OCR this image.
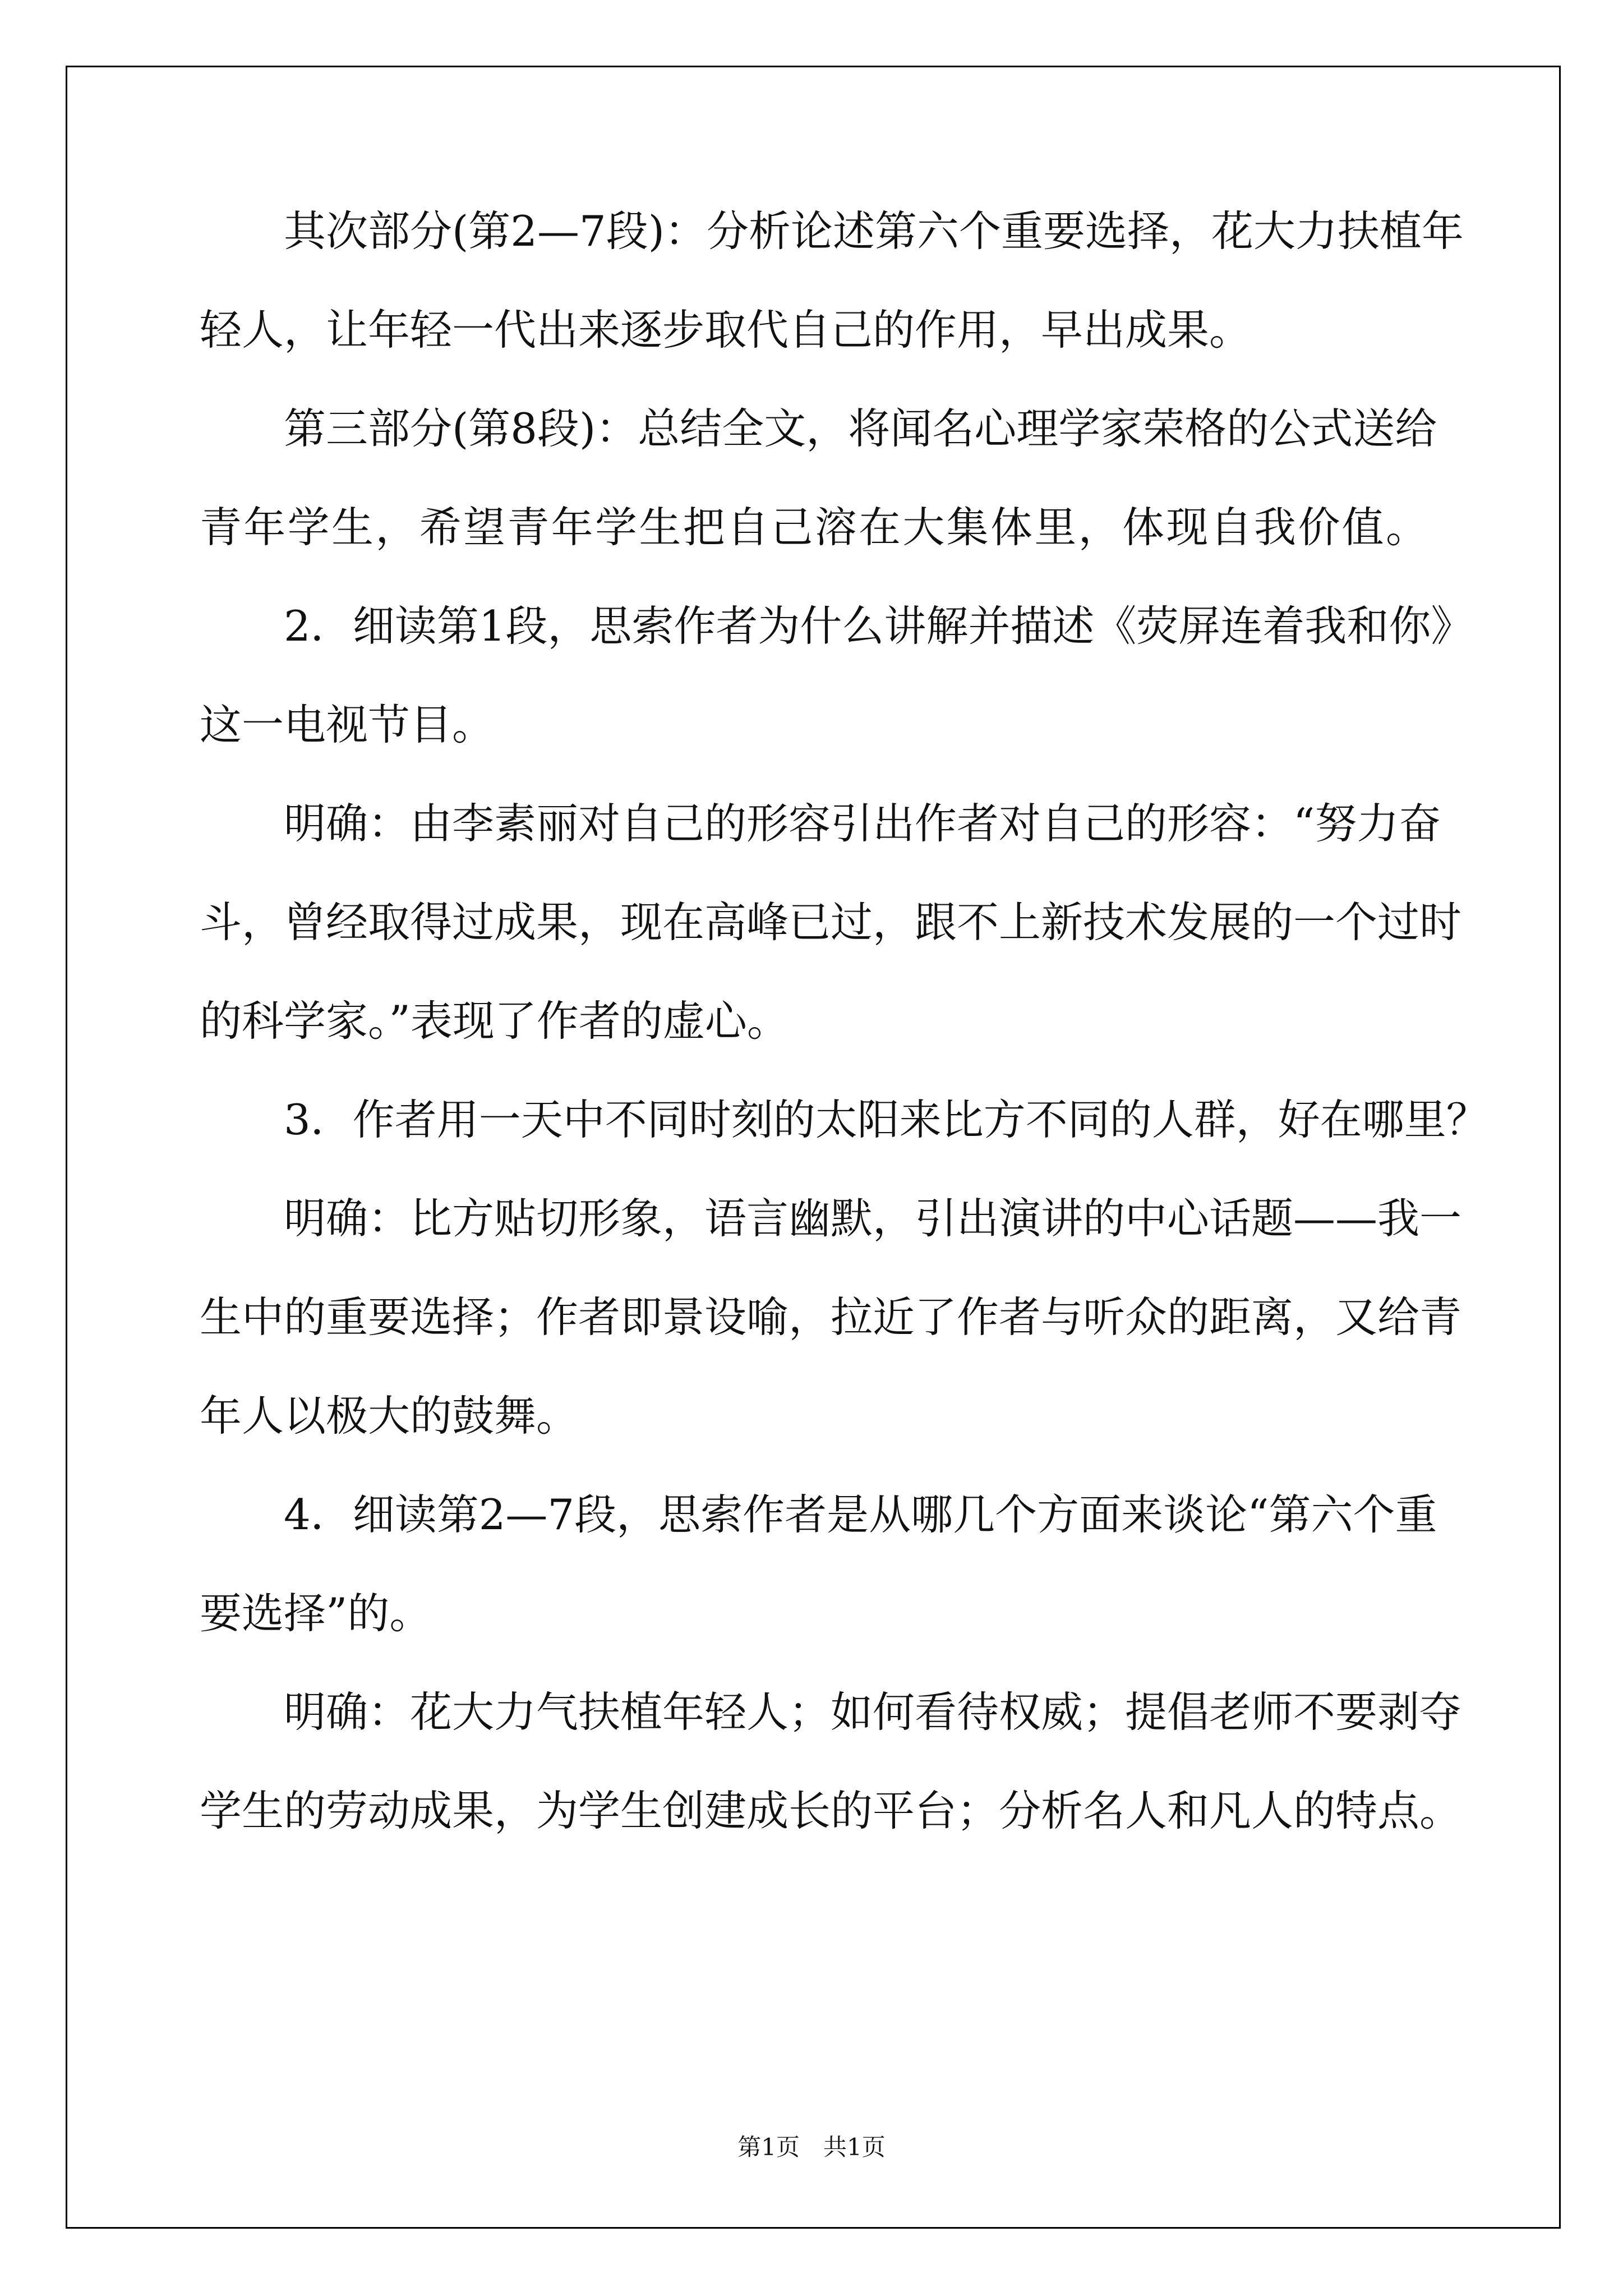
其次部分(第2—7段)：分析论述第六个重要选择，花大力扶植年
轻人，让年轻一代出来逐步取代自己的作用，早出成果。
第三部分(第8段)：总结全文，将闻名心理学家荣格的公式送给
青年学生，希望青年学生把自己溶在大集体里，体现自我价值。
2．细读第1段，思索作者为什么讲解并描述《荧屏连着我和你》
这一电视节目。
明确：由李素丽对自己的形容引出作者对自己的形容：“努力奋
斗，曾经取得过成果，现在高峰已过，跟不上新技术发展的一个过时
的科学家。”表现了作者的虚心。
3．作者用一天中不同时刻的太阳来比方不同的人群，好在哪里？
明确：比方贴切形象，语言幽默，引出演讲的中心话题——我一
生中的重要选择；作者即景设喻，拉近了作者与听众的距离，又给青
年人以极大的鼓舞。
4．细读第2—7段，思索作者是从哪几个方面来谈论“第六个重
要选择”的。
明确：花大力气扶植年轻人；如何看待权威；提倡老师不要剥夺
学生的劳动成果，为学生创建成长的平台；分析名人和凡人的特点。
第1页　共1页
